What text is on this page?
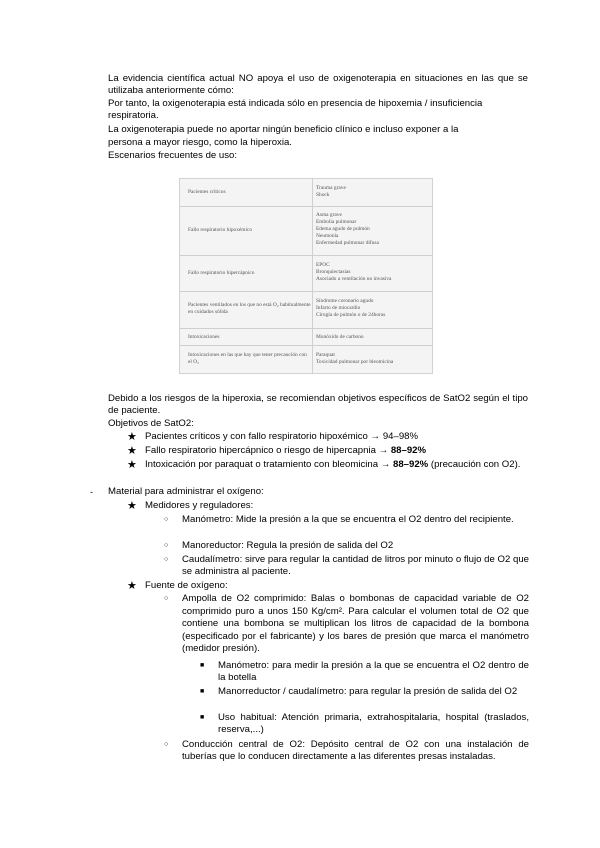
La evidencia científica actual NO apoya el uso de oxigenoterapia en situaciones en las que se utilizaba anteriormente cómo:

Por tanto, la oxigenoterapia está indicada sólo en presencia de hipoxemia / insuficiencia respiratoria.

La oxigenoterapia puede no aportar ningún beneficio clínico e incluso exponer a la

persona a mayor riesgo, como la hiperoxia.

Escenarios frecuentes de uso:

Pacientes críticos
Trauma grave
Shock
Fallo respiratorio hipoxémico
Asma grave
Embolia pulmonar
Edema agudo de pulmón
Neumonía
Enfermedad pulmonar difusa
Fallo respiratorio hipercápnico
EPOC
Bronquiectasias
Asociado a ventilación no invasiva
Pacientes ventilados en los que no está O₂ habitualmente en cuidados sólida
Síndrome coronario agudo
Infarto de miocardio
Cirugía de pulmón o de 24horas
Intoxicaciones	Monóxido de carbono
Intoxicaciones en las que hay que tener precaución con el O₂
Paraquat
Toxicidad pulmonar por bleomicina

Debido a los riesgos de la hiperoxia, se recomiendan objetivos específicos de SatO2 según el tipo de paciente.

Objetivos de SatO2:

★ Pacientes críticos y con fallo respiratorio hipoxémico → 94–98%

★ Fallo respiratorio hipercápnico o riesgo de hipercapnia → 88–92%

★ Intoxicación por paraquat o tratamiento con bleomicina → 88–92% (precaución con O2).

- Material para administrar el oxígeno:

★ Medidores y reguladores:

○ Manómetro: Mide la presión a la que se encuentra el O2 dentro del recipiente.

○ Manoreductor: Regula la presión de salida del O2

○ Caudalímetro: sirve para regular la cantidad de litros por minuto o flujo de O2 que se administra al paciente.

★ Fuente de oxígeno:

○ Ampolla de O2 comprimido: Balas o bombonas de capacidad variable de O2 comprimido puro a unos 150 Kg/cm². Para calcular el volumen total de O2 que contiene una bombona se multiplican los litros de capacidad de la bombona (especificado por el fabricante) y los bares de presión que marca el manómetro (medidor presión).

■ Manómetro: para medir la presión a la que se encuentra el O2 dentro de la botella

■ Manorreductor / caudalímetro: para regular la presión de salida del O2

■ Uso habitual: Atención primaria, extrahospitalaria, hospital (traslados, reserva,...)

○ Conducción central de O2: Depósito central de O2 con una instalación de tuberías que lo conducen directamente a las diferentes presas instaladas.
